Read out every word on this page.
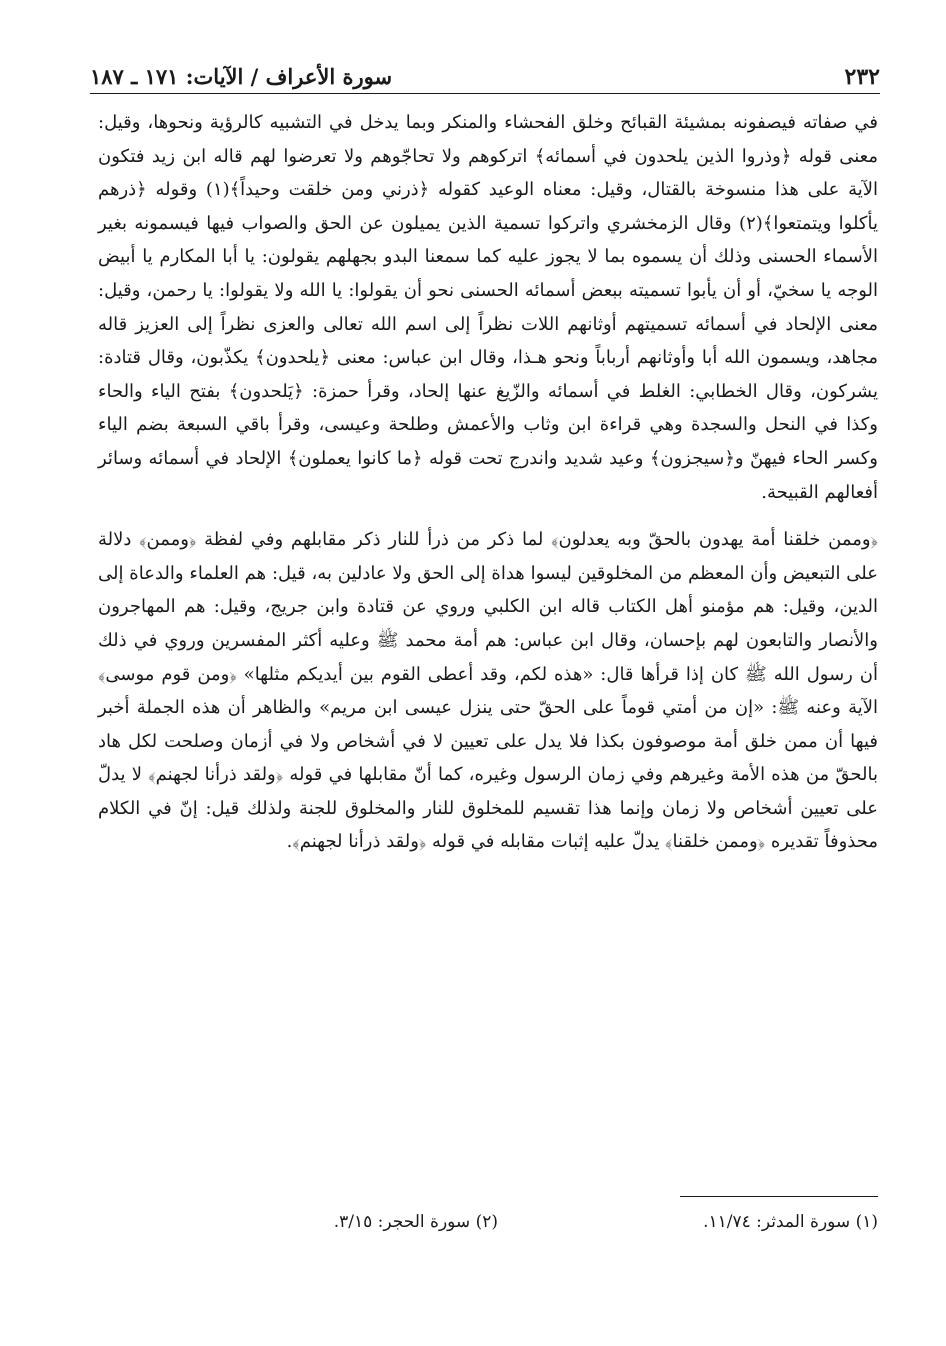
٢٣٢
سورة الأعراف / الآيات: ١٧١ ـ ١٨٧

في صفاته فيصفونه بمشيئة القبائح وخلق الفحشاء والمنكر وبما يدخل في التشبيه كالرؤية ونحوها، وقيل: معنى قوله ﴿وذروا الذين يلحدون في أسمائه﴾ اتركوهم ولا تحاجّوهم ولا تعرضوا لهم قاله ابن زيد فتكون الآية على هذا منسوخة بالقتال، وقيل: معناه الوعيد كقوله ﴿ذرني ومن خلقت وحيداً﴾(١) وقوله ﴿ذرهم يأكلوا ويتمتعوا﴾(٢) وقال الزمخشري واتركوا تسمية الذين يميلون عن الحق والصواب فيها فيسمونه بغير الأسماء الحسنى وذلك أن يسموه بما لا يجوز عليه كما سمعنا البدو بجهلهم يقولون: يا أبا المكارم يا أبيض الوجه يا سخيّ، أو أن يأبوا تسميته ببعض أسمائه الحسنى نحو أن يقولوا: يا الله ولا يقولوا: يا رحمن، وقيل: معنى الإلحاد في أسمائه تسميتهم أوثانهم اللات نظراً إلى اسم الله تعالى والعزى نظراً إلى العزيز قاله مجاهد، ويسمون الله أبا وأوثانهم أرباباً ونحو هـذا، وقال ابن عباس: معنى ﴿يلحدون﴾ يكذّبون، وقال قتادة: يشركون، وقال الخطابي: الغلط في أسمائه والزّيغ عنها إلحاد، وقرأ حمزة: ﴿يَلحدون﴾ بفتح الياء والحاء وكذا في النحل والسجدة وهي قراءة ابن وثاب والأعمش وطلحة وعيسى، وقرأ باقي السبعة بضم الياء وكسر الحاء فيهنّ و﴿سيجزون﴾ وعيد شديد واندرج تحت قوله ﴿ما كانوا يعملون﴾ الإلحاد في أسمائه وسائر أفعالهم القبيحة.

﴿وممن خلقنا أمة يهدون بالحقّ وبه يعدلون﴾ لما ذكر من ذرأ للنار ذكر مقابلهم وفي لفظة ﴿وممن﴾ دلالة على التبعيض وأن المعظم من المخلوقين ليسوا هداة إلى الحق ولا عادلين به، قيل: هم العلماء والدعاة إلى الدين، وقيل: هم مؤمنو أهل الكتاب قاله ابن الكلبي وروي عن قتادة وابن جريج، وقيل: هم المهاجرون والأنصار والتابعون لهم بإحسان، وقال ابن عباس: هم أمة محمد ﷺ وعليه أكثر المفسرين وروي في ذلك أن رسول الله ﷺ كان إذا قرأها قال: «هذه لكم، وقد أعطى القوم بين أيديكم مثلها» ﴿ومن قوم موسى﴾ الآية وعنه ﷺ: «إن من أمتي قوماً على الحقّ حتى ينزل عيسى ابن مريم» والظاهر أن هذه الجملة أخبر فيها أن ممن خلق أمة موصوفون بكذا فلا يدل على تعيين لا في أشخاص ولا في أزمان وصلحت لكل هاد بالحقّ من هذه الأمة وغيرهم وفي زمان الرسول وغيره، كما أنّ مقابلها في قوله ﴿ولقد ذرأنا لجهنم﴾ لا يدلّ على تعيين أشخاص ولا زمان وإنما هذا تقسيم للمخلوق للنار والمخلوق للجنة ولذلك قيل: إنّ في الكلام محذوفاً تقديره ﴿وممن خلقنا﴾ يدلّ عليه إثبات مقابله في قوله ﴿ولقد ذرأنا لجهنم﴾.

(١) سورة المدثر: ١١/٧٤.
(٢) سورة الحجر: ٣/١٥.
